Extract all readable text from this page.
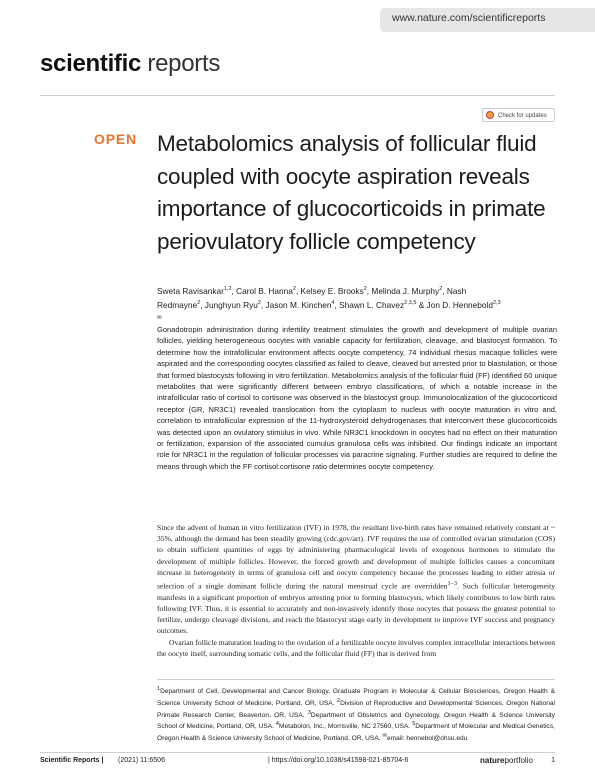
www.nature.com/scientificreports
scientific reports
Check for updates
OPEN Metabolomics analysis of follicular fluid coupled with oocyte aspiration reveals importance of glucocorticoids in primate periovulatory follicle competency
Sweta Ravisankar$^{1,2}$, Carol B. Hanna$^2$, Kelsey E. Brooks$^2$, Melinda J. Murphy$^2$, Nash Redmayne$^2$, Junghyun Ryu$^2$, Jason M. Kinchen$^4$, Shawn L. Chavez$^{2,3,5}$ & Jon D. Hennebold$^{2,3✉}$
Gonadotropin administration during infertility treatment stimulates the growth and development of multiple ovarian follicles, yielding heterogeneous oocytes with variable capacity for fertilization, cleavage, and blastocyst formation. To determine how the intrafollicular environment affects oocyte competency, 74 individual rhesus macaque follicles were aspirated and the corresponding oocytes classified as failed to cleave, cleaved but arrested prior to blastulation, or those that formed blastocysts following in vitro fertilization. Metabolomics analysis of the follicular fluid (FF) identified 60 unique metabolites that were significantly different between embryo classifications, of which a notable increase in the intrafollicular ratio of cortisol to cortisone was observed in the blastocyst group. Immunolocalization of the glucocorticoid receptor (GR, NR3C1) revealed translocation from the cytoplasm to nucleus with oocyte maturation in vitro and, correlation to intrafollicular expression of the 11-hydroxysteroid dehydrogenases that interconvert these glucocorticoids was detected upon an ovulatory stimulus in vivo. While NR3C1 knockdown in oocytes had no effect on their maturation or fertilization, expansion of the associated cumulus granulosa cells was inhibited. Our findings indicate an important role for NR3C1 in the regulation of follicular processes via paracrine signaling. Further studies are required to define the means through which the FF cortisol:cortisone ratio determines oocyte competency.

Since the advent of human in vitro fertilization (IVF) in 1978, the resultant live-birth rates have remained relatively constant at ~ 35%, although the demand has been steadily growing (cdc.gov/art). IVF requires the use of controlled ovarian stimulation (COS) to obtain sufficient quantities of eggs by administering pharmacological levels of exogenous hormones to stimulate the development of multiple follicles. However, the forced growth and development of multiple follicles causes a concomitant increase in heterogeneity in terms of granulosa cell and oocyte competency because the processes leading to either atresia or selection of a single dominant follicle during the natural menstrual cycle are overridden$^{1-3}$. Such follicular heterogeneity manifests in a significant proportion of embryos arresting prior to forming blastocysts, which likely contributes to low birth rates following IVF. Thus, it is essential to accurately and non-invasively identify those oocytes that possess the greatest potential to fertilize, undergo cleavage divisions, and reach the blastocyst stage early in development to improve IVF success and pregnancy outcomes.

Ovarian follicle maturation leading to the ovulation of a fertilizable oocyte involves complex intracellular interactions between the oocyte itself, surrounding somatic cells, and the follicular fluid (FF) that is derived from

$^1$Department of Cell, Developmental and Cancer Biology, Graduate Program in Molecular & Cellular Biosciences, Oregon Health & Science University School of Medicine, Portland, OR, USA. $^2$Division of Reproductive and Developmental Sciences, Oregon National Primate Research Center, Beaverton, OR, USA. $^3$Department of Obstetrics and Gynecology, Oregon Health & Science University School of Medicine, Portland, OR, USA. $^4$Metabolon, Inc., Morrisville, NC 27560, USA. $^5$Department of Molecular and Medical Genetics, Oregon Health & Science University School of Medicine, Portland, OR, USA. ✉email: hennebol@ohsu.edu
Scientific Reports | (2021) 11:6506	| https://doi.org/10.1038/s41598-021-85704-6	natureportfolio	1
